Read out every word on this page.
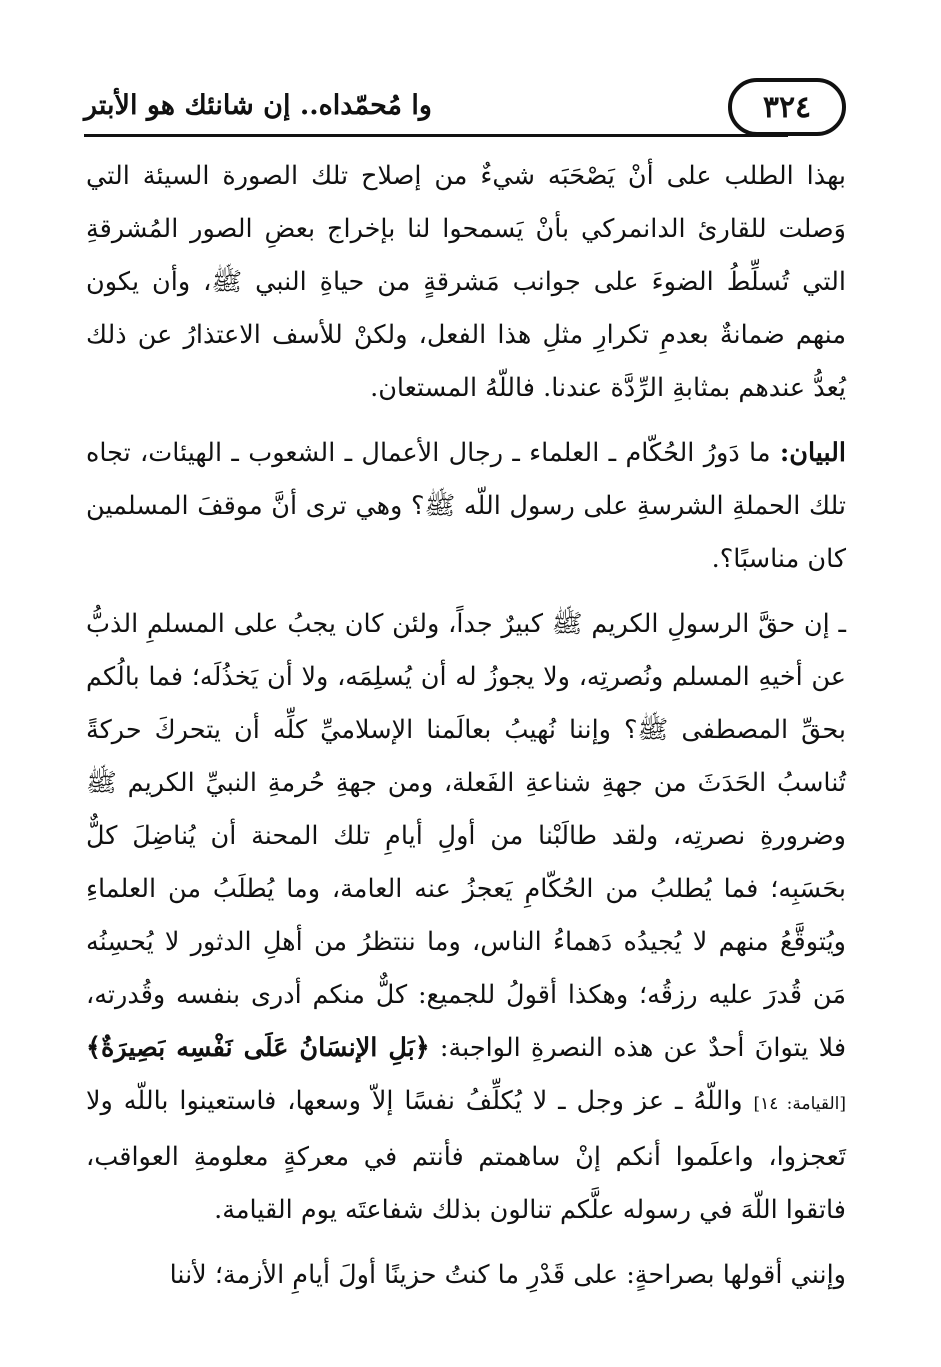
وا مُحمّداه.. إن شانئك هو الأبتر	٣٢٤

بهذا الطلب على أنْ يَصْحَبَه شيءٌ من إصلاح تلك الصورة السيئة التي وَصلت للقارئ الدانمركي بأنْ يَسمحوا لنا بإخراج بعضِ الصور المُشرقةِ التي تُسلِّطُ الضوءَ على جوانب مَشرقةٍ من حياةِ النبي ﷺ، وأن يكون منهم ضمانةٌ بعدمِ تكرارِ مثلِ هذا الفعل، ولكنْ للأسف الاعتذارُ عن ذلك يُعدُّ عندهم بمثابةِ الرِّدَّة عندنا. فاللّهُ المستعان.

البيان: ما دَورُ الحُكّام ـ العلماء ـ رجال الأعمال ـ الشعوب ـ الهيئات، تجاه تلك الحملةِ الشرسةِ على رسول اللّه ﷺ؟ وهي ترى أنَّ موقفَ المسلمين كان مناسبًا؟.

ـ إن حقَّ الرسولِ الكريم ﷺ كبيرٌ جداً، ولئن كان يجبُ على المسلمِ الذبُّ عن أخيهِ المسلم ونُصرتِه، ولا يجوزُ له أن يُسلِمَه، ولا أن يَخذُلَه؛ فما بالُكم بحقِّ المصطفى ﷺ؟ وإننا نُهيبُ بعالَمنا الإسلاميِّ كلِّه أن يتحركَ حركةً تُناسبُ الحَدَثَ من جهةِ شناعةِ الفَعلة، ومن جهةِ حُرمةِ النبيِّ الكريم ﷺ وضرورةِ نصرتِه، ولقد طالَبْنا من أولِ أيامِ تلك المحنة أن يُناضِلَ كلٌّ بحَسَبِه؛ فما يُطلبُ من الحُكّامِ يَعجزُ عنه العامة، وما يُطلَبُ من العلماءِ ويُتوقَّعُ منهم لا يُجيدُه دَهماءُ الناس، وما ننتظرُ من أهلِ الدثور لا يُحسِنُه مَن قُدرَ عليه رزقُه؛ وهكذا أقولُ للجميع: كلٌّ منكم أدرى بنفسه وقُدرته، فلا يتوانَ أحدٌ عن هذه النصرةِ الواجبة: ﴿بَلِ الإنسَانُ عَلَى نَفْسِه بَصِيرَةٌ﴾ [القيامة: ١٤] واللّهُ ـ عز وجل ـ لا يُكلِّفُ نفسًا إلاّ وسعها، فاستعينوا باللّه ولا تَعجزوا، واعلَموا أنكم إنْ ساهمتم فأنتم في معركةٍ معلومةِ العواقب، فاتقوا اللّهَ في رسوله علَّكم تنالون بذلك شفاعتَه يوم القيامة.

وإنني أقولها بصراحةٍ: على قَدْرِ ما كنتُ حزينًا أولَ أيامِ الأزمة؛ لأننا
